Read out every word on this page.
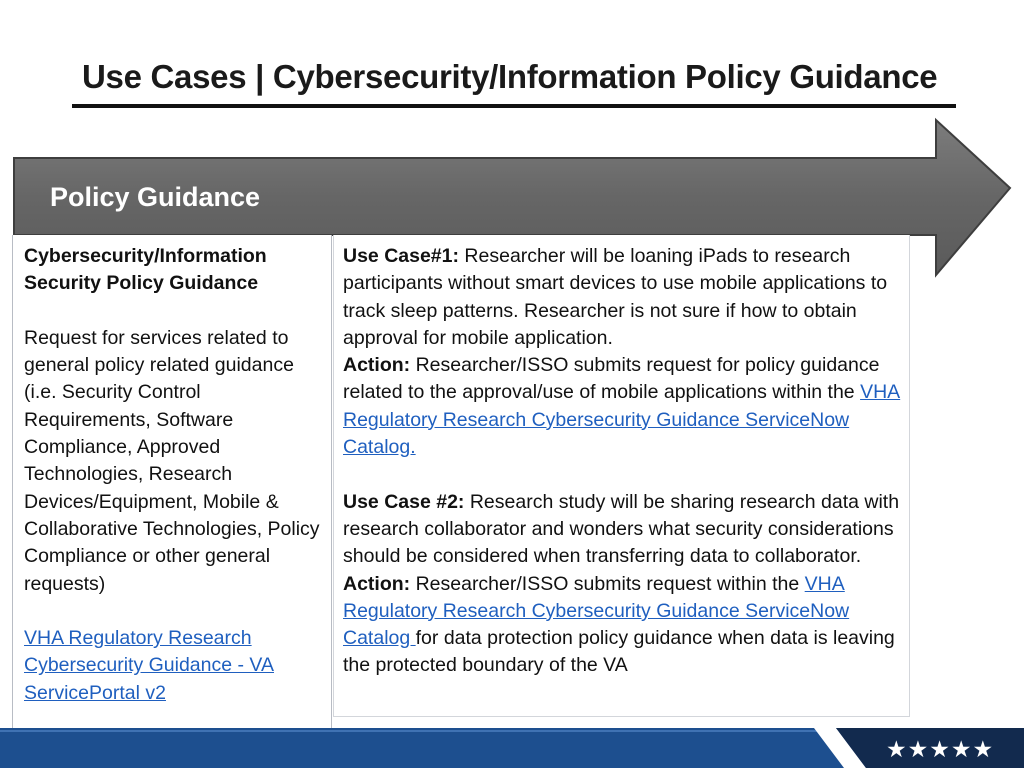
Use Cases | Cybersecurity/Information Policy Guidance
Policy Guidance

Cybersecurity/Information Security Policy Guidance

Request for services related to general policy related guidance (i.e. Security Control Requirements, Software Compliance, Approved Technologies, Research Devices/Equipment, Mobile & Collaborative Technologies, Policy Compliance or other general requests)

VHA Regulatory Research Cybersecurity Guidance - VA ServicePortal v2

Use Case#1: Researcher will be loaning iPads to research participants without smart devices to use mobile applications to track sleep patterns. Researcher is not sure if how to obtain approval for mobile application.

Action: Researcher/ISSO submits request for policy guidance related to the approval/use of mobile applications within the VHA Regulatory Research Cybersecurity Guidance ServiceNow Catalog.

Use Case #2: Research study will be sharing research data with research collaborator and wonders what security considerations should be considered when transferring data to collaborator.

Action: Researcher/ISSO submits request within the VHA Regulatory Research Cybersecurity Guidance ServiceNow Catalog for data protection policy guidance when data is leaving the protected boundary of the VA

★★★★★
